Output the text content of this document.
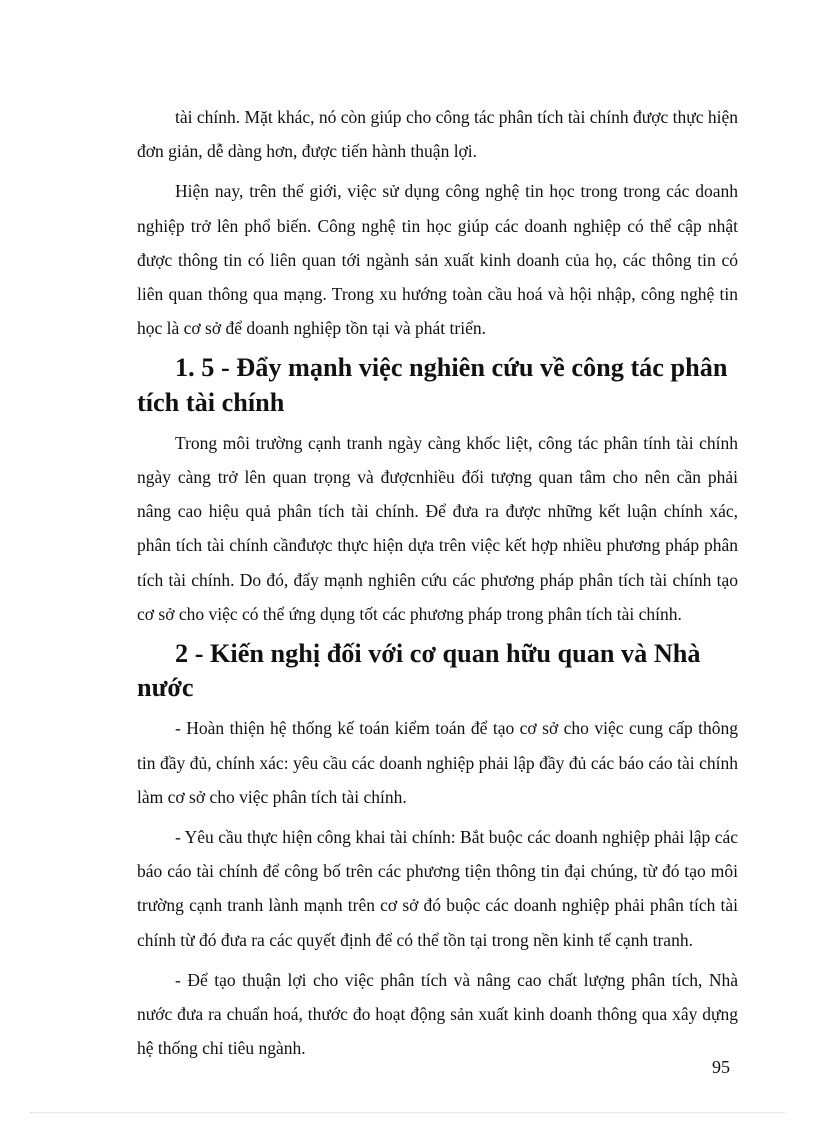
tài chính. Mặt khác, nó còn giúp cho công tác phân tích tài chính được thực hiện đơn giản, dễ dàng hơn, được tiến hành thuận lợi.

Hiện nay, trên thế giới, việc sử dụng công nghệ tin học trong trong các doanh nghiệp trở lên phổ biến. Công nghệ tin học giúp các doanh nghiệp có thể cập nhật được thông tin có liên quan tới ngành sản xuất kinh doanh của họ, các thông tin có liên quan thông qua mạng. Trong xu hướng toàn cầu hoá và hội nhập, công nghệ tin học là cơ sở để doanh nghiệp tồn tại và phát triển.

1. 5 - Đẩy mạnh việc nghiên cứu về công tác phân tích tài chính

Trong môi trường cạnh tranh ngày càng khốc liệt, công tác phân tính tài chính ngày càng trở lên quan trọng và đượcnhiều đối tượng quan tâm cho nên cần phải nâng cao hiệu quả phân tích tài chính. Để đưa ra được những kết luận chính xác, phân tích tài chính cầnđược thực hiện dựa trên việc kết hợp nhiều phương pháp phân tích tài chính. Do đó, đẩy mạnh nghiên cứu các phương pháp phân tích tài chính tạo cơ sở cho việc có thể ứng dụng tốt các phương pháp trong phân tích tài chính.

2 - Kiến nghị đối với cơ quan hữu quan và Nhà nước

- Hoàn thiện hệ thống kế toán kiểm toán để tạo cơ sở cho việc cung cấp thông tin đầy đủ, chính xác: yêu cầu các doanh nghiệp phải lập đầy đủ các báo cáo tài chính làm cơ sở cho việc phân tích tài chính.

- Yêu cầu thực hiện công khai tài chính: Bắt buộc các doanh nghiệp phải lập các báo cáo tài chính để công bố trên các phương tiện thông tin đại chúng, từ đó tạo môi trường cạnh tranh lành mạnh trên cơ sở đó buộc các doanh nghiệp phải phân tích tài chính từ đó đưa ra các quyết định để có thể tồn tại trong nền kinh tế cạnh tranh.

- Để tạo thuận lợi cho việc phân tích và nâng cao chất lượng phân tích, Nhà nước đưa ra chuẩn hoá, thước đo hoạt động sản xuất kinh doanh thông qua xây dựng hệ thống chỉ tiêu ngành.

95
